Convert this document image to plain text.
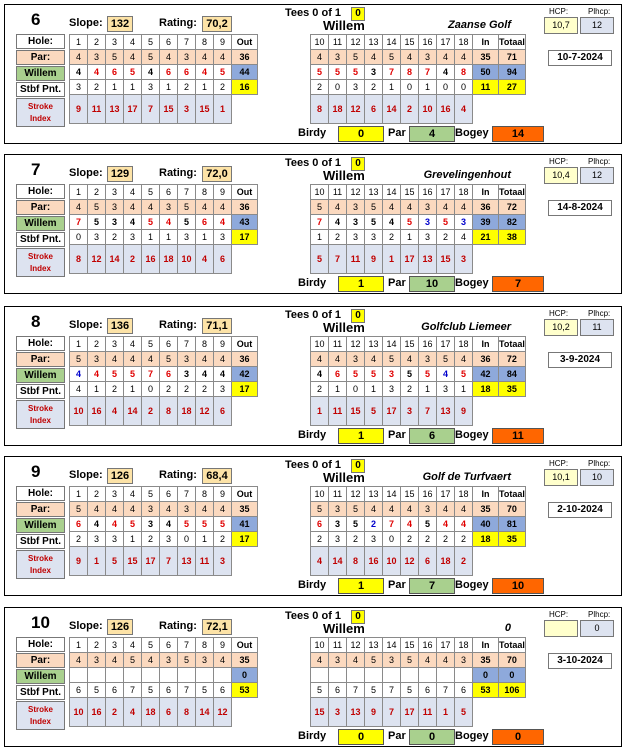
6	Slope: 132	Rating: 70,2
Tees 0 of 1	0
Willem	Zaanse Golf
HCP: Plhcp:
10,7	12
10-7-2024
Hole:
Par:
Willem
Stbf Pnt.
Stroke Index
1	2	3	4	5	6	7	8	9	Out
4	3	5	4	5	4	3	4	4	36
4	4	6	5	4	6	6	4	5	44
3	2	1	1	3	1	2	1	2	16
9	11	13	17	7	15	3	15	1	
10	11	12	13	14	15	16	17	18	In	Totaal
4	3	5	4	5	4	3	4	4	35	71
5	5	5	3	7	8	7	4	8	50	94
2	0	3	2	1	0	1	0	0	11	27
8	18	12	6	14	2	10	16	4		
Birdy	0	Par	4	Bogey	14
7	Slope: 129	Rating: 72,0
Tees 0 of 1	0
Willem	Grevelingenhout
HCP: Plhcp:
10,4	12
14-8-2024
Hole:
Par:
Willem
Stbf Pnt.
Stroke Index
1	2	3	4	5	6	7	8	9	Out
4	5	3	4	4	3	5	4	4	36
7	5	3	4	5	4	5	6	4	43
0	3	2	3	1	1	3	1	3	17
8	12	14	2	16	18	10	4	6	
10	11	12	13	14	15	16	17	18	In	Totaal
5	4	3	5	4	4	3	4	4	36	72
7	4	3	5	4	5	3	5	3	39	82
1	2	3	3	2	1	3	2	4	21	38
5	7	11	9	1	17	13	15	3		
Birdy	1	Par	10	Bogey	7
8	Slope: 136	Rating: 71,1
Tees 0 of 1	0
Willem	Golfclub Liemeer
HCP: Plhcp:
10,2	11
3-9-2024
Hole:
Par:
Willem
Stbf Pnt.
Stroke Index
1	2	3	4	5	6	7	8	9	Out
5	3	4	4	4	5	3	4	4	36
4	4	5	5	7	6	3	4	4	42
4	1	2	1	0	2	2	2	3	17
10	16	4	14	2	8	18	12	6	
10	11	12	13	14	15	16	17	18	In	Totaal
4	4	3	4	5	4	3	5	4	36	72
4	6	5	5	3	5	5	4	5	42	84
2	1	0	1	3	2	1	3	1	18	35
1	11	15	5	17	3	7	13	9		
Birdy	1	Par	6	Bogey	11
9	Slope: 126	Rating: 68,4
Tees 0 of 1	0
Willem	Golf de Turfvaert
HCP: Plhcp:
10,1	10
2-10-2024
Hole:
Par:
Willem
Stbf Pnt.
Stroke Index
1	2	3	4	5	6	7	8	9	Out
5	4	4	4	3	4	3	4	4	35
6	4	4	5	3	4	5	5	5	41
2	3	3	1	2	3	0	1	2	17
9	1	5	15	17	7	13	11	3	
10	11	12	13	14	15	16	17	18	In	Totaal
5	3	5	4	4	4	3	4	4	35	70
6	3	5	2	7	4	5	4	4	40	81
2	3	2	3	0	2	2	2	2	18	35
4	14	8	16	10	12	6	18	2		
Birdy	1	Par	7	Bogey	10
10 Slope: 126	Rating: 72,1
Tees 0 of 1	0
Willem	0
HCP: Plhcp:
0
3-10-2024
Hole:
Par:
Willem
Stbf Pnt.
Stroke Index
1	2	3	4	5	6	7	8	9	Out
4	3	4	5	4	3	5	3	4	35
									0
6	5	6	7	5	6	7	5	6	53
10	16	2	4	18	6	8	14	12	
10	11	12	13	14	15	16	17	18	In	Totaal
4	3	4	5	3	5	4	4	3	35	70
									0	0
5	6	7	5	7	5	6	7	6	53	106
15	3	13	9	7	17	11	1	5		
Birdy	0	Par	0	Bogey	0
